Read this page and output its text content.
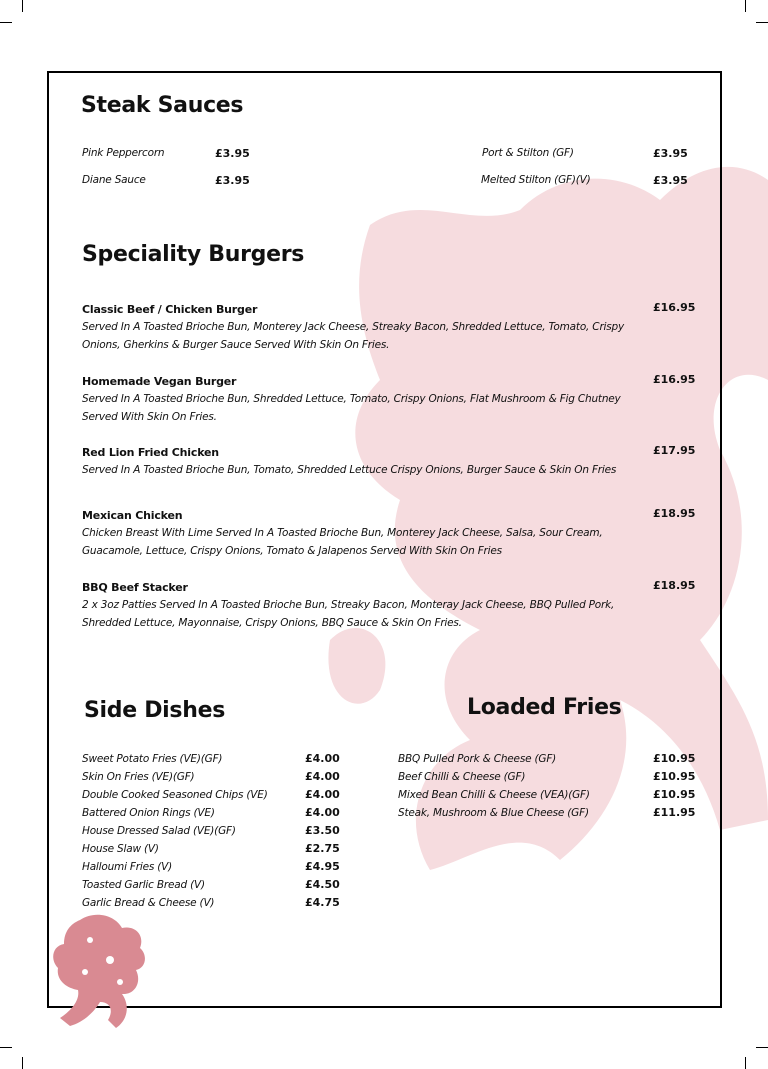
Steak Sauces
Pink Peppercorn	£3.95
Diane Sauce	£3.95
Port & Stilton (GF)	£3.95
Melted Stilton (GF)(V)	£3.95
Speciality Burgers
Classic Beef / Chicken Burger
Served In A Toasted Brioche Bun, Monterey Jack Cheese, Streaky Bacon, Shredded Lettuce, Tomato, Crispy Onions, Gherkins & Burger Sauce Served With Skin On Fries.
£16.95
Homemade Vegan Burger
Served In A Toasted Brioche Bun, Shredded Lettuce, Tomato, Crispy Onions, Flat Mushroom & Fig Chutney Served With Skin On Fries.
£16.95
Red Lion Fried Chicken
Served In A Toasted Brioche Bun, Tomato, Shredded Lettuce Crispy Onions, Burger Sauce & Skin On Fries
£17.95
Mexican Chicken
Chicken Breast With Lime Served In A Toasted Brioche Bun, Monterey Jack Cheese, Salsa, Sour Cream, Guacamole, Lettuce, Crispy Onions, Tomato & Jalapenos Served With Skin On Fries
£18.95
BBQ Beef Stacker
2 x 3oz Patties Served In A Toasted Brioche Bun, Streaky Bacon, Monteray Jack Cheese, BBQ Pulled Pork, Shredded Lettuce, Mayonnaise, Crispy Onions, BBQ Sauce & Skin On Fries.
£18.95
Side Dishes
Sweet Potato Fries (VE)(GF)	£4.00
Skin On Fries (VE)(GF)	£4.00
Double Cooked Seasoned Chips (VE)	£4.00
Battered Onion Rings (VE)	£4.00
House Dressed Salad (VE)(GF)	£3.50
House Slaw (V)	£2.75
Halloumi Fries (V)	£4.95
Toasted Garlic Bread (V)	£4.50
Garlic Bread & Cheese (V)	£4.75
Loaded Fries
BBQ Pulled Pork & Cheese (GF)	£10.95
Beef Chilli & Cheese (GF)	£10.95
Mixed Bean Chilli & Cheese (VEA)(GF)	£10.95
Steak, Mushroom & Blue Cheese (GF)	£11.95
